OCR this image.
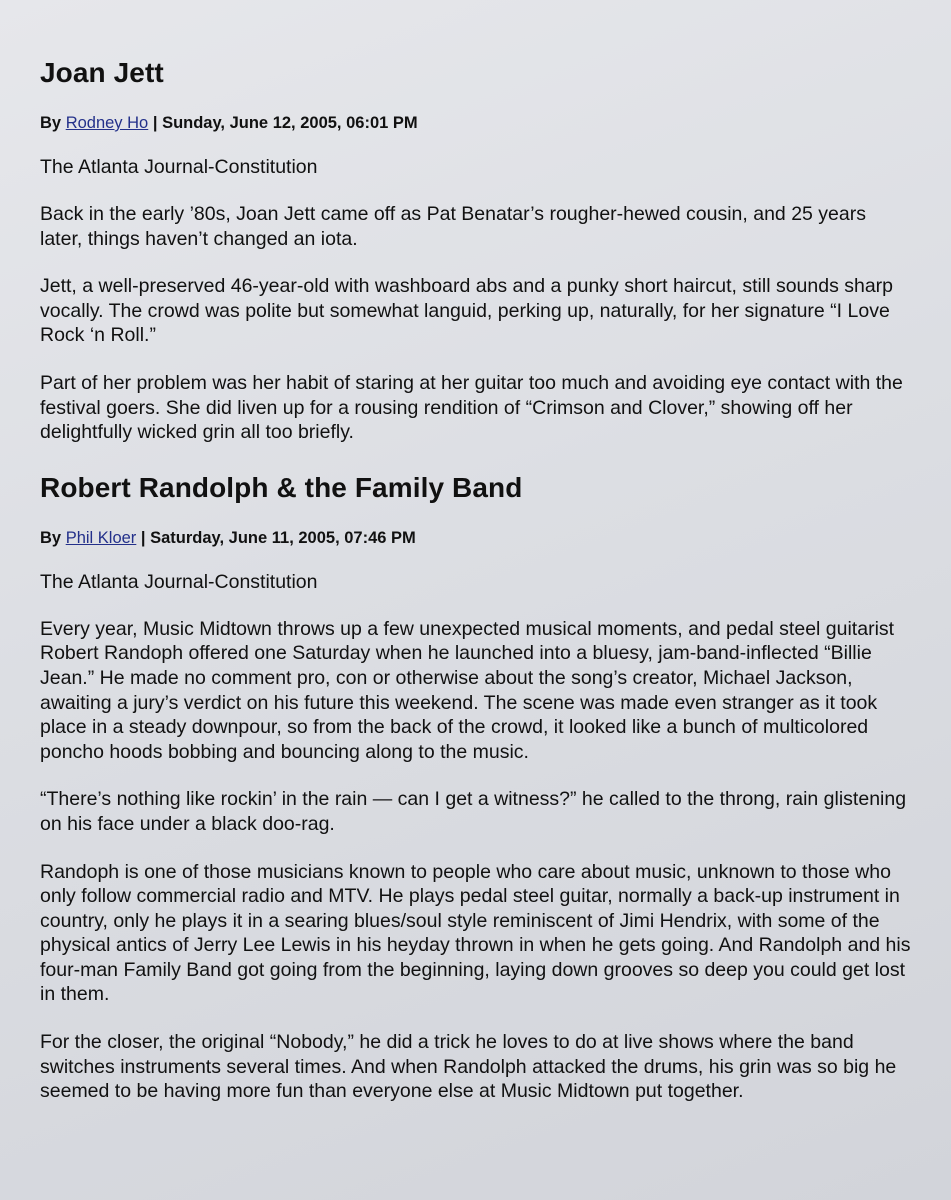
Joan Jett
By Rodney Ho | Sunday, June 12, 2005, 06:01 PM
The Atlanta Journal-Constitution

Back in the early ’80s, Joan Jett came off as Pat Benatar’s rougher-hewed cousin, and 25 years later, things haven’t changed an iota.

Jett, a well-preserved 46-year-old with washboard abs and a punky short haircut, still sounds sharp vocally. The crowd was polite but somewhat languid, perking up, naturally, for her signature “I Love Rock ‘n Roll.”

Part of her problem was her habit of staring at her guitar too much and avoiding eye contact with the festival goers. She did liven up for a rousing rendition of “Crimson and Clover,” showing off her delightfully wicked grin all too briefly.

Robert Randolph & the Family Band
By Phil Kloer | Saturday, June 11, 2005, 07:46 PM
The Atlanta Journal-Constitution

Every year, Music Midtown throws up a few unexpected musical moments, and pedal steel guitarist Robert Randoph offered one Saturday when he launched into a bluesy, jam-band-inflected “Billie Jean.” He made no comment pro, con or otherwise about the song’s creator, Michael Jackson, awaiting a jury’s verdict on his future this weekend. The scene was made even stranger as it took place in a steady downpour, so from the back of the crowd, it looked like a bunch of multicolored poncho hoods bobbing and bouncing along to the music.

“There’s nothing like rockin’ in the rain — can I get a witness?” he called to the throng, rain glistening on his face under a black doo-rag.

Randoph is one of those musicians known to people who care about music, unknown to those who only follow commercial radio and MTV. He plays pedal steel guitar, normally a back-up instrument in country, only he plays it in a searing blues/soul style reminiscent of Jimi Hendrix, with some of the physical antics of Jerry Lee Lewis in his heyday thrown in when he gets going. And Randolph and his four-man Family Band got going from the beginning, laying down grooves so deep you could get lost in them.

For the closer, the original “Nobody,” he did a trick he loves to do at live shows where the band switches instruments several times. And when Randolph attacked the drums, his grin was so big he seemed to be having more fun than everyone else at Music Midtown put together.
